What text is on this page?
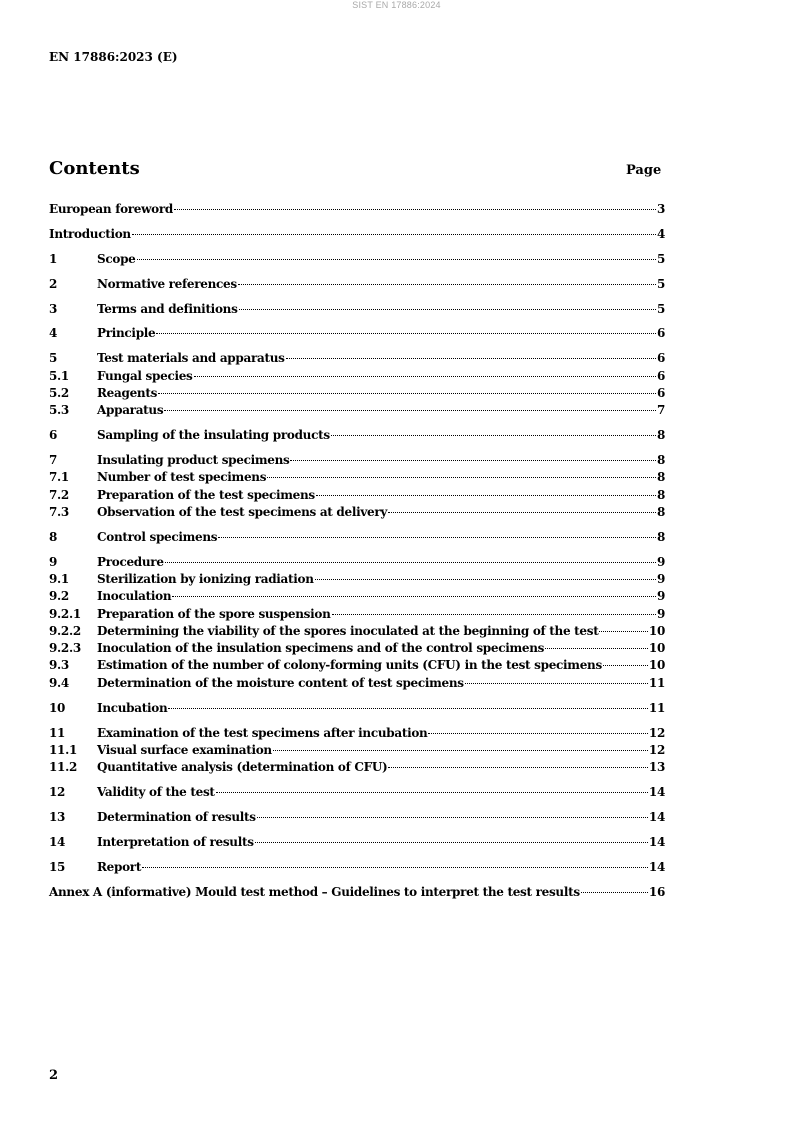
SIST EN 17886:2024
EN 17886:2023 (E)
Contents	Page
European foreword	3
Introduction	4
1	Scope	5
2	Normative references	5
3	Terms and definitions	5
4	Principle	6
5	Test materials and apparatus	6
5.1	Fungal species	6
5.2	Reagents	6
5.3	Apparatus	7
6	Sampling of the insulating products	8
7	Insulating product specimens	8
7.1	Number of test specimens	8
7.2	Preparation of the test specimens	8
7.3	Observation of the test specimens at delivery	8
8	Control specimens	8
9	Procedure	9
9.1	Sterilization by ionizing radiation	9
9.2	Inoculation	9
9.2.1	Preparation of the spore suspension	9
9.2.2	Determining the viability of the spores inoculated at the beginning of the test	10
9.2.3	Inoculation of the insulation specimens and of the control specimens	10
9.3	Estimation of the number of colony-forming units (CFU) in the test specimens	10
9.4	Determination of the moisture content of test specimens	11
10	Incubation	11
11	Examination of the test specimens after incubation	12
11.1	Visual surface examination	12
11.2	Quantitative analysis (determination of CFU)	13
12	Validity of the test	14
13	Determination of results	14
14	Interpretation of results	14
15	Report	14
Annex A (informative) Mould test method – Guidelines to interpret the test results	16
2
